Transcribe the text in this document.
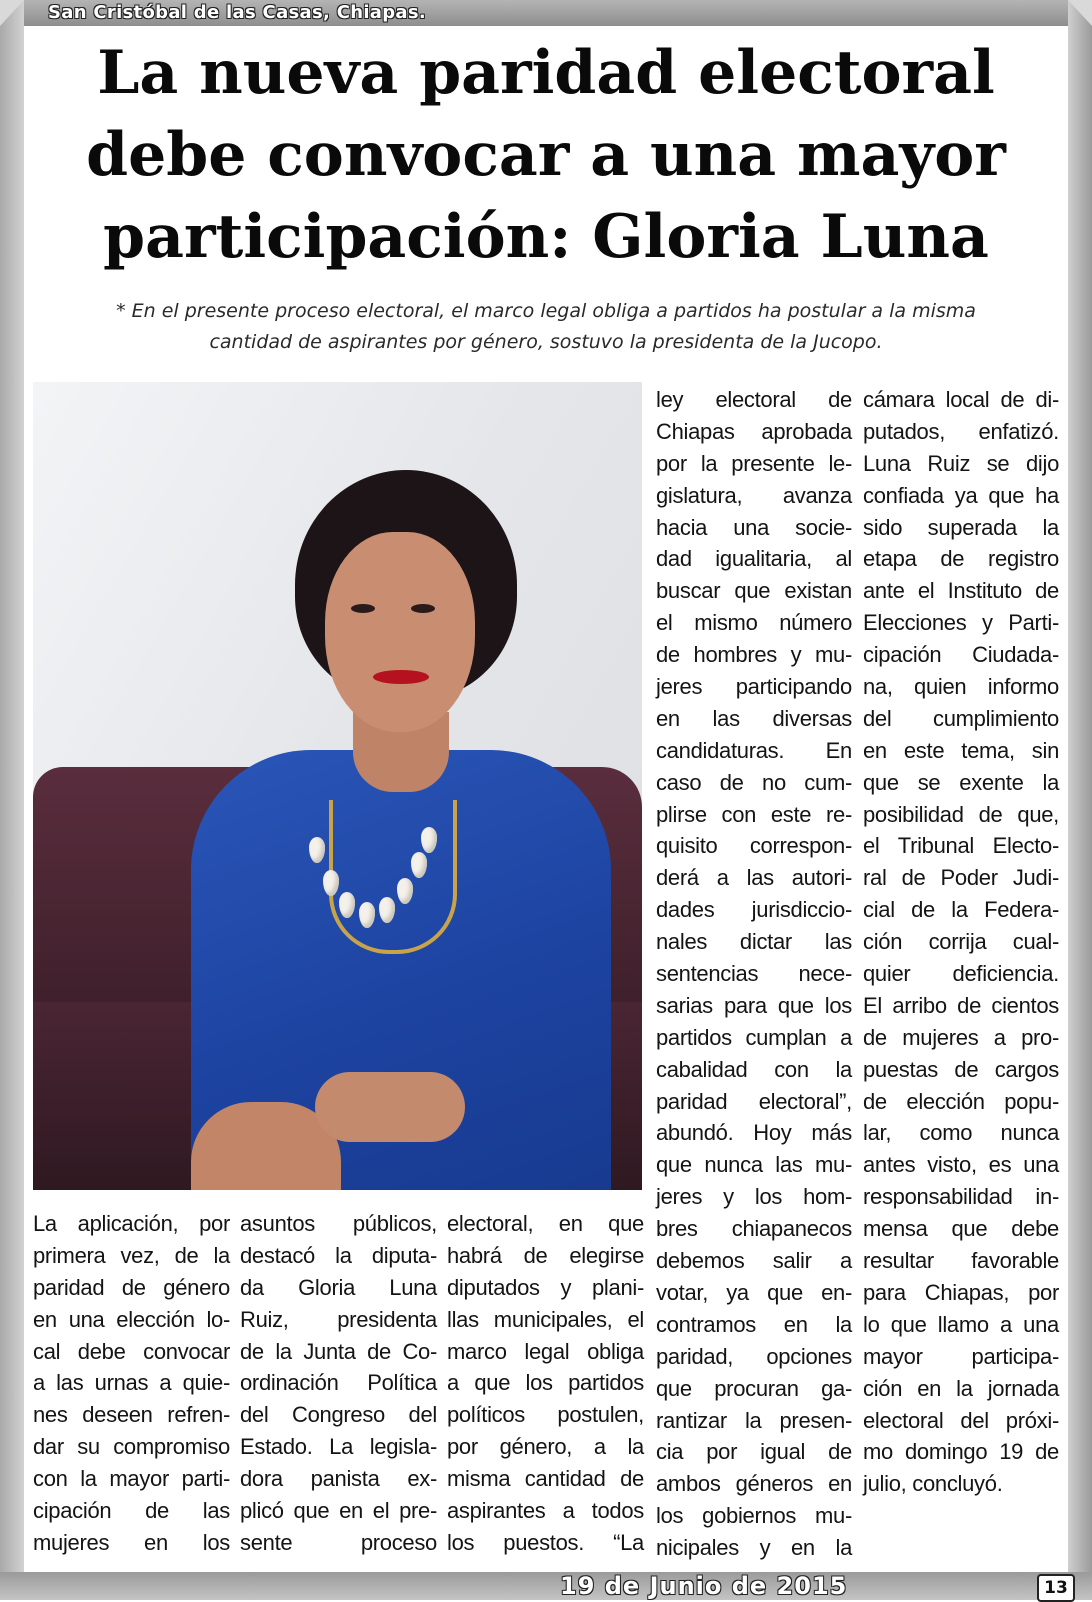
San Cristóbal de las Casas, Chiapas.
La nueva paridad electoral
debe convocar a una mayor
participación: Gloria Luna
* En el presente proceso electoral, el marco legal obliga a partidos ha postular a la misma
cantidad de aspirantes por género, sostuvo la presidenta de la Jucopo.
La aplicación, por
primera vez, de la
paridad de género
en una elección lo-
cal debe convocar
a las urnas a quie-
nes deseen refren-
dar su compromiso
con la mayor parti-
cipación de las
mujeres en los
asuntos públicos,
destacó la diputa-
da Gloria Luna
Ruiz, presidenta
de la Junta de Co-
ordinación Política
del Congreso del
Estado. La legisla-
dora panista ex-
plicó que en el pre-
sente proceso
electoral, en que
habrá de elegirse
diputados y plani-
llas municipales, el
marco legal obliga
a que los partidos
políticos postulen,
por género, a la
misma cantidad de
aspirantes a todos
los puestos. “La
ley electoral de
Chiapas aprobada
por la presente le-
gislatura, avanza
hacia una socie-
dad igualitaria, al
buscar que existan
el mismo número
de hombres y mu-
jeres participando
en las diversas
candidaturas. En
caso de no cum-
plirse con este re-
quisito correspon-
derá a las autori-
dades jurisdiccio-
nales dictar las
sentencias nece-
sarias para que los
partidos cumplan a
cabalidad con la
paridad electoral”,
abundó. Hoy más
que nunca las mu-
jeres y los hom-
bres chiapanecos
debemos salir a
votar, ya que en-
contramos en la
paridad, opciones
que procuran ga-
rantizar la presen-
cia por igual de
ambos géneros en
los gobiernos mu-
nicipales y en la
cámara local de di-
putados, enfatizó.
Luna Ruiz se dijo
confiada ya que ha
sido superada la
etapa de registro
ante el Instituto de
Elecciones y Parti-
cipación Ciudada-
na, quien informo
del cumplimiento
en este tema, sin
que se exente la
posibilidad de que,
el Tribunal Electo-
ral de Poder Judi-
cial de la Federa-
ción corrija cual-
quier deficiencia.
El arribo de cientos
de mujeres a pro-
puestas de cargos
de elección popu-
lar, como nunca
antes visto, es una
responsabilidad in-
mensa que debe
resultar favorable
para Chiapas, por
lo que llamo a una
mayor participa-
ción en la jornada
electoral del próxi-
mo domingo 19 de
julio, concluyó.
19 de Junio de 2015	13
